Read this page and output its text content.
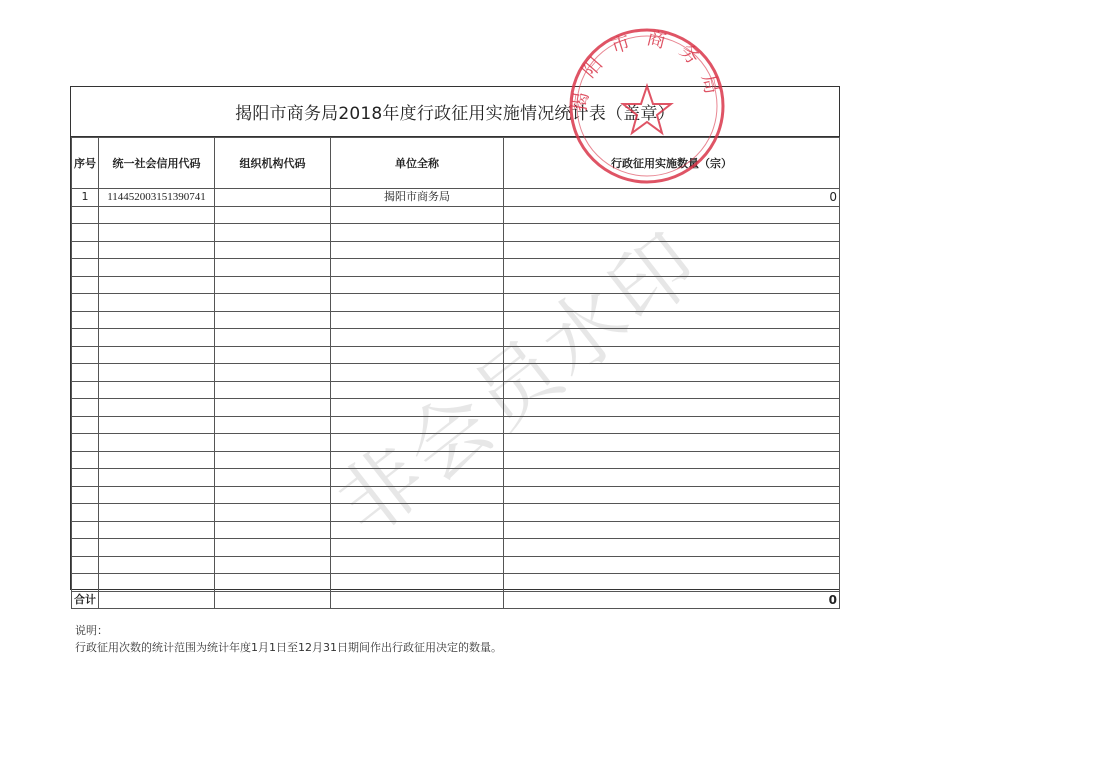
非会员水印
揭阳市商务局2018年度行政征用实施情况统计表（盖章）
序号	统一社会信用代码	组织机构代码	单位全称	行政征用实施数量（宗）
1	114452003151390741		揭阳市商务局	0

合计				0
说明：
行政征用次数的统计范围为统计年度1月1日至12月31日期间作出行政征用决定的数量。
揭阳市商务局
